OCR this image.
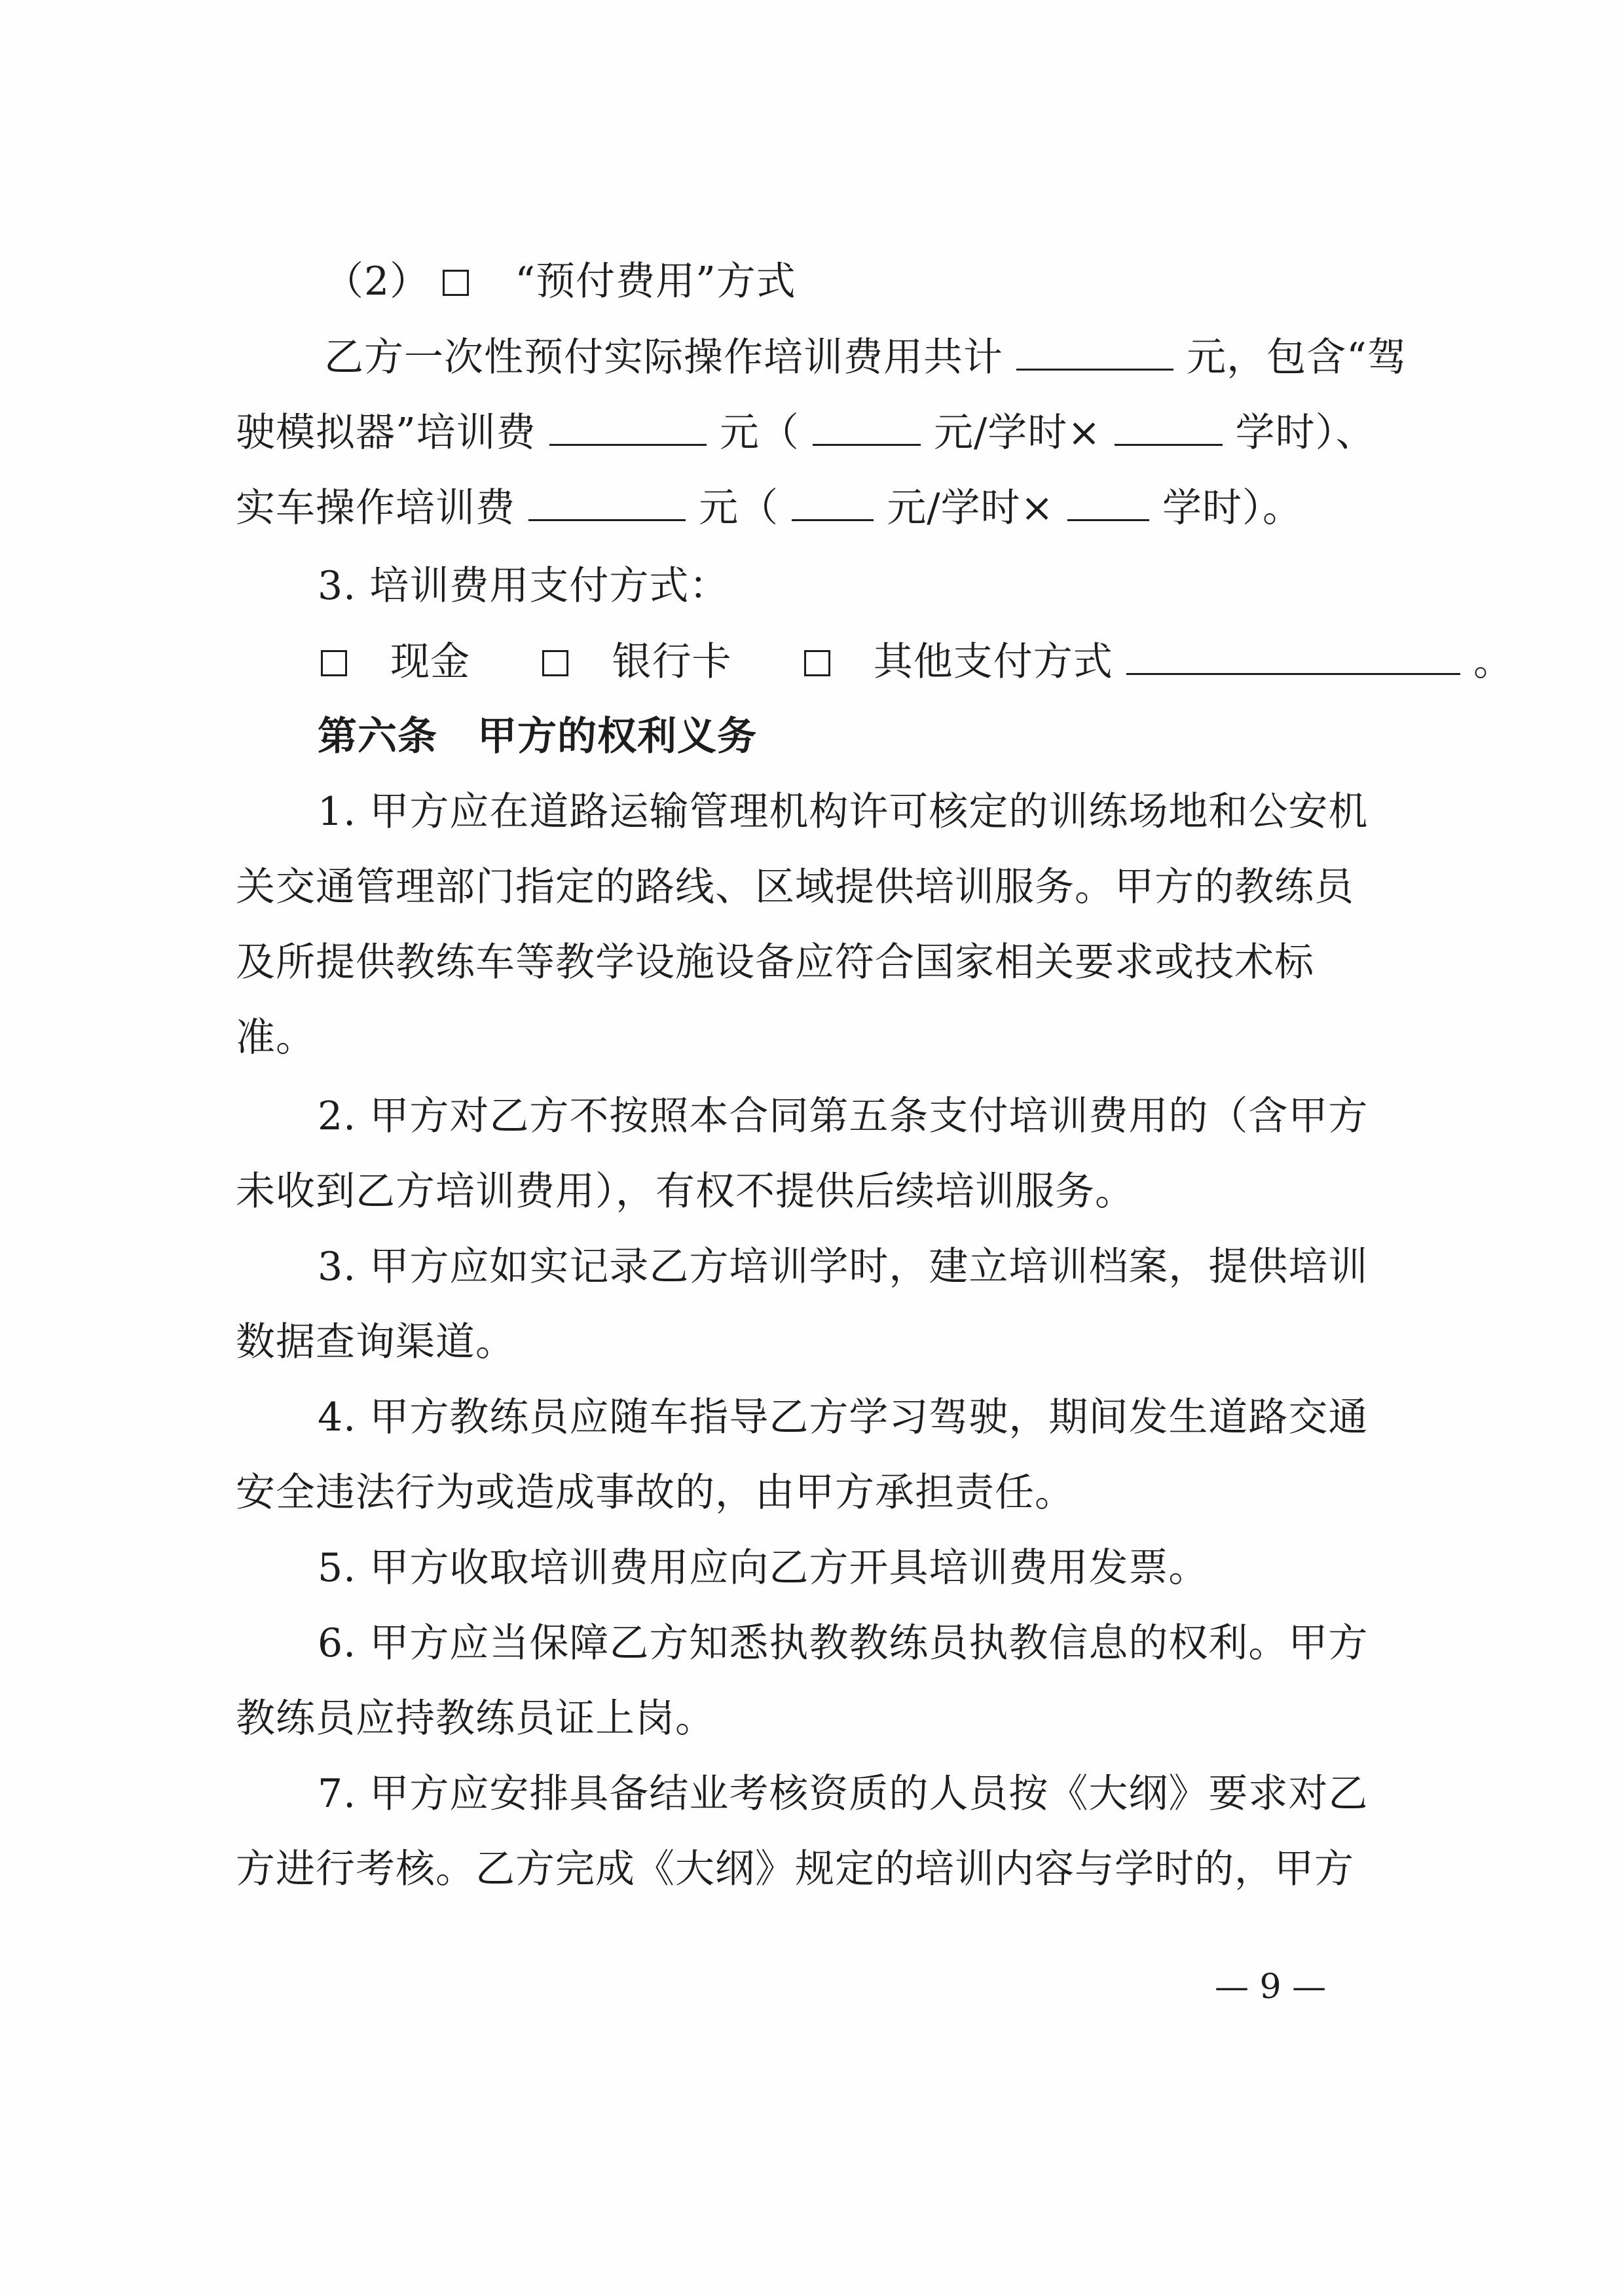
（2） “预付费用”方式
乙方一次性预付实际操作培训费用共计	元，包含“驾
驶模拟器”培训费	元（	元/学时×	学时）、
实车操作培训费	元（	元/学时×	学时）。
3. 培训费用支付方式：
现金	银行卡	其他支付方式	。
第六条　甲方的权利义务
1. 甲方应在道路运输管理机构许可核定的训练场地和公安机
关交通管理部门指定的路线、区域提供培训服务。甲方的教练员
及所提供教练车等教学设施设备应符合国家相关要求或技术标
准。
2. 甲方对乙方不按照本合同第五条支付培训费用的（含甲方
未收到乙方培训费用），有权不提供后续培训服务。
3. 甲方应如实记录乙方培训学时，建立培训档案，提供培训
数据查询渠道。
4. 甲方教练员应随车指导乙方学习驾驶，期间发生道路交通
安全违法行为或造成事故的，由甲方承担责任。
5. 甲方收取培训费用应向乙方开具培训费用发票。
6. 甲方应当保障乙方知悉执教教练员执教信息的权利。甲方
教练员应持教练员证上岗。
7. 甲方应安排具备结业考核资质的人员按《大纲》要求对乙
方进行考核。乙方完成《大纲》规定的培训内容与学时的，甲方
— 9 —
